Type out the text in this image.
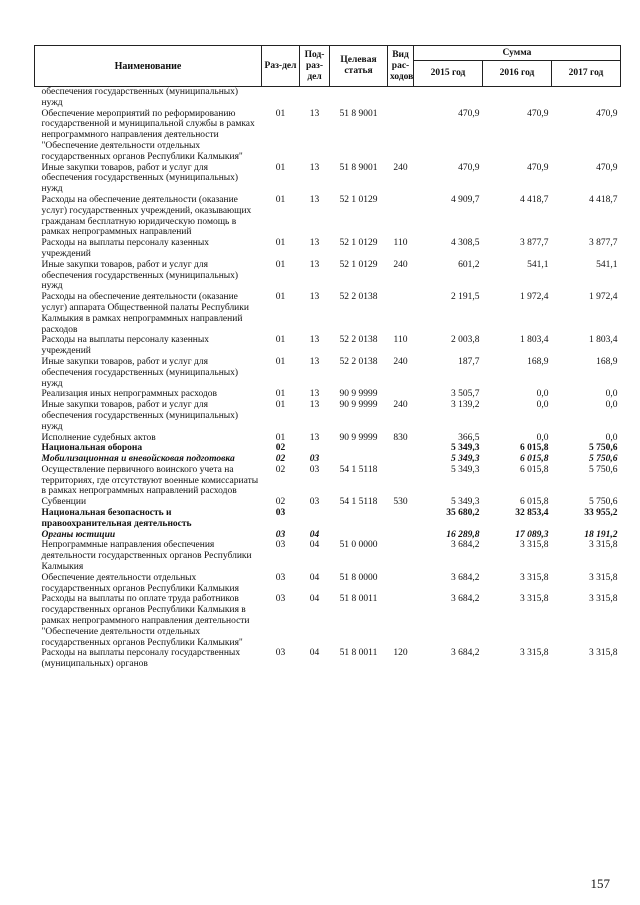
Наименование	Раз-дел	Под-раз-дел	Целевая статья	Вид рас-ходов	Сумма		
					2015 год	2016 год	2017 год
обеспечения государственных (муниципальных) нужд							
Обеспечение мероприятий по реформированию государственной и муниципальной службы в рамках непрограммного направления деятельности "Обеспечение деятельности отдельных государственных органов Республики Калмыкия"	01	13	51 8 9001		470,9	470,9	470,9
Иные закупки товаров, работ и услуг для обеспечения государственных (муниципальных) нужд	01	13	51 8 9001	240	470,9	470,9	470,9
Расходы на обеспечение деятельности (оказание услуг) государственных учреждений, оказывающих гражданам бесплатную юридическую помощь в рамках непрограммных направлений	01	13	52 1 0129		4 909,7	4 418,7	4 418,7
Расходы на выплаты персоналу казенных учреждений	01	13	52 1 0129	110	4 308,5	3 877,7	3 877,7
Иные закупки товаров, работ и услуг для обеспечения государственных (муниципальных) нужд	01	13	52 1 0129	240	601,2	541,1	541,1
Расходы на обеспечение деятельности (оказание услуг) аппарата Общественной палаты Республики Калмыкия в рамках непрограммных направлений расходов	01	13	52 2 0138		2 191,5	1 972,4	1 972,4
Расходы на выплаты персоналу казенных учреждений	01	13	52 2 0138	110	2 003,8	1 803,4	1 803,4
Иные закупки товаров, работ и услуг для обеспечения государственных (муниципальных) нужд	01	13	52 2 0138	240	187,7	168,9	168,9
Реализация иных непрограммных расходов	01	13	90 9 9999		3 505,7	0,0	0,0
Иные закупки товаров, работ и услуг для обеспечения государственных (муниципальных) нужд	01	13	90 9 9999	240	3 139,2	0,0	0,0
Исполнение судебных актов	01	13	90 9 9999	830	366,5	0,0	0,0
Национальная оборона	02				5 349,3	6 015,8	5 750,6
Мобилизационная и вневойсковая подготовка	02	03			5 349,3	6 015,8	5 750,6
Осуществление первичного воинского учета на территориях, где отсутствуют военные комиссариаты в рамках непрограммных направлений расходов	02	03	54 1 5118		5 349,3	6 015,8	5 750,6
Субвенции	02	03	54 1 5118	530	5 349,3	6 015,8	5 750,6
Национальная безопасность и правоохранительная деятельность	03				35 680,2	32 853,4	33 955,2
Органы юстиции	03	04			16 289,8	17 089,3	18 191,2
Непрограммные направления обеспечения деятельности государственных органов Республики Калмыкия	03	04	51 0 0000		3 684,2	3 315,8	3 315,8
Обеспечение деятельности отдельных государственных органов Республики Калмыкия	03	04	51 8 0000		3 684,2	3 315,8	3 315,8
Расходы на выплаты по оплате труда работников государственных органов Республики Калмыкия в рамках непрограммного направления деятельности "Обеспечение деятельности отдельных государственных органов Республики Калмыкия"	03	04	51 8 0011		3 684,2	3 315,8	3 315,8
Расходы на выплаты персоналу государственных (муниципальных) органов	03	04	51 8 0011	120	3 684,2	3 315,8	3 315,8
157
